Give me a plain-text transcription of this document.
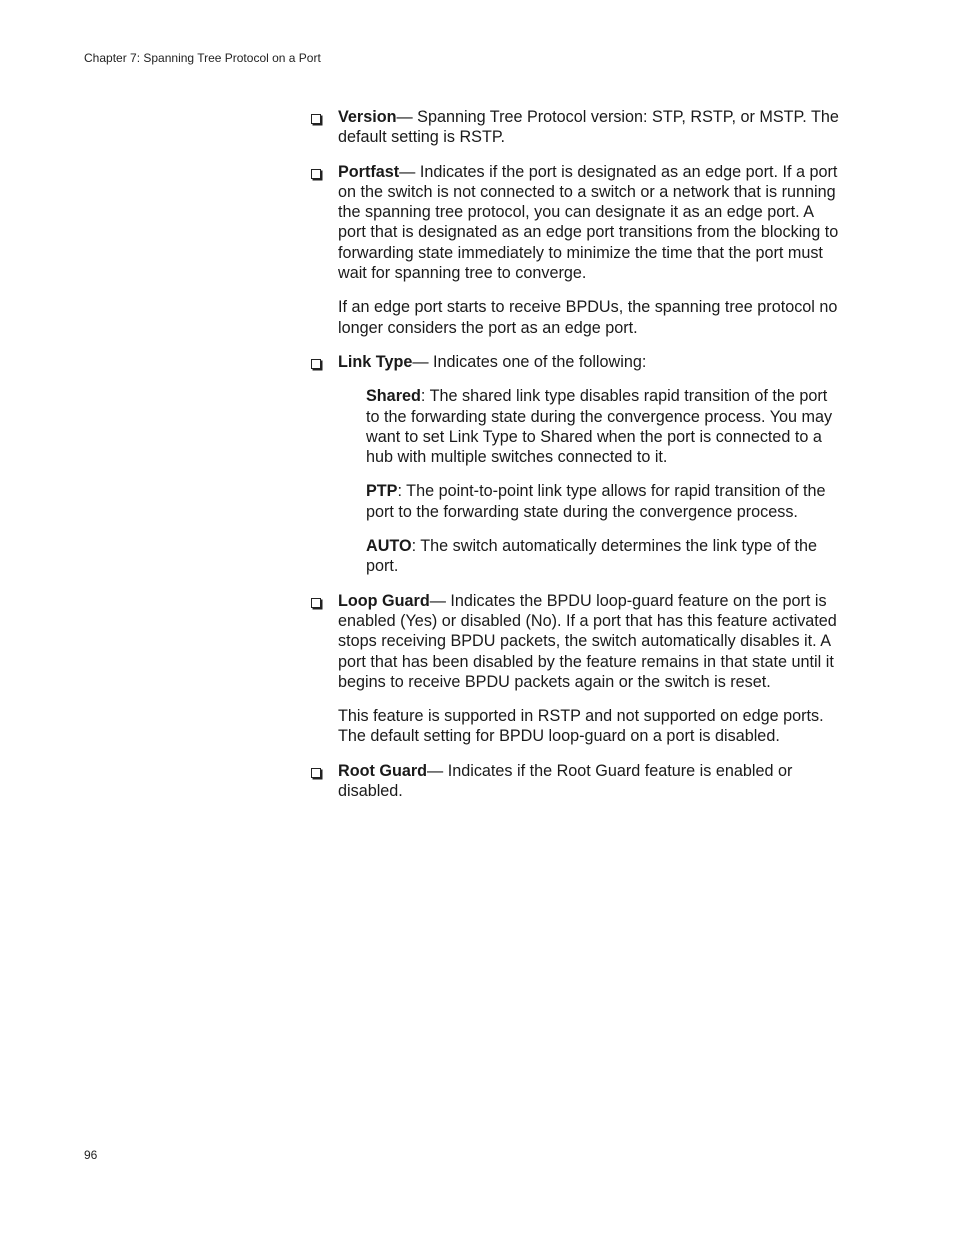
Chapter 7: Spanning Tree Protocol on a Port

Version— Spanning Tree Protocol version: STP, RSTP, or MSTP. The default setting is RSTP.

Portfast— Indicates if the port is designated as an edge port. If a port on the switch is not connected to a switch or a network that is running the spanning tree protocol, you can designate it as an edge port. A port that is designated as an edge port transitions from the blocking to forwarding state immediately to minimize the time that the port must wait for spanning tree to converge.

If an edge port starts to receive BPDUs, the spanning tree protocol no longer considers the port as an edge port.

Link Type— Indicates one of the following:

Shared: The shared link type disables rapid transition of the port to the forwarding state during the convergence process. You may want to set Link Type to Shared when the port is connected to a hub with multiple switches connected to it.

PTP: The point-to-point link type allows for rapid transition of the port to the forwarding state during the convergence process.

AUTO: The switch automatically determines the link type of the port.

Loop Guard— Indicates the BPDU loop-guard feature on the port is enabled (Yes) or disabled (No). If a port that has this feature activated stops receiving BPDU packets, the switch automatically disables it. A port that has been disabled by the feature remains in that state until it begins to receive BPDU packets again or the switch is reset.

This feature is supported in RSTP and not supported on edge ports. The default setting for BPDU loop-guard on a port is disabled.

Root Guard— Indicates if the Root Guard feature is enabled or disabled.

96
